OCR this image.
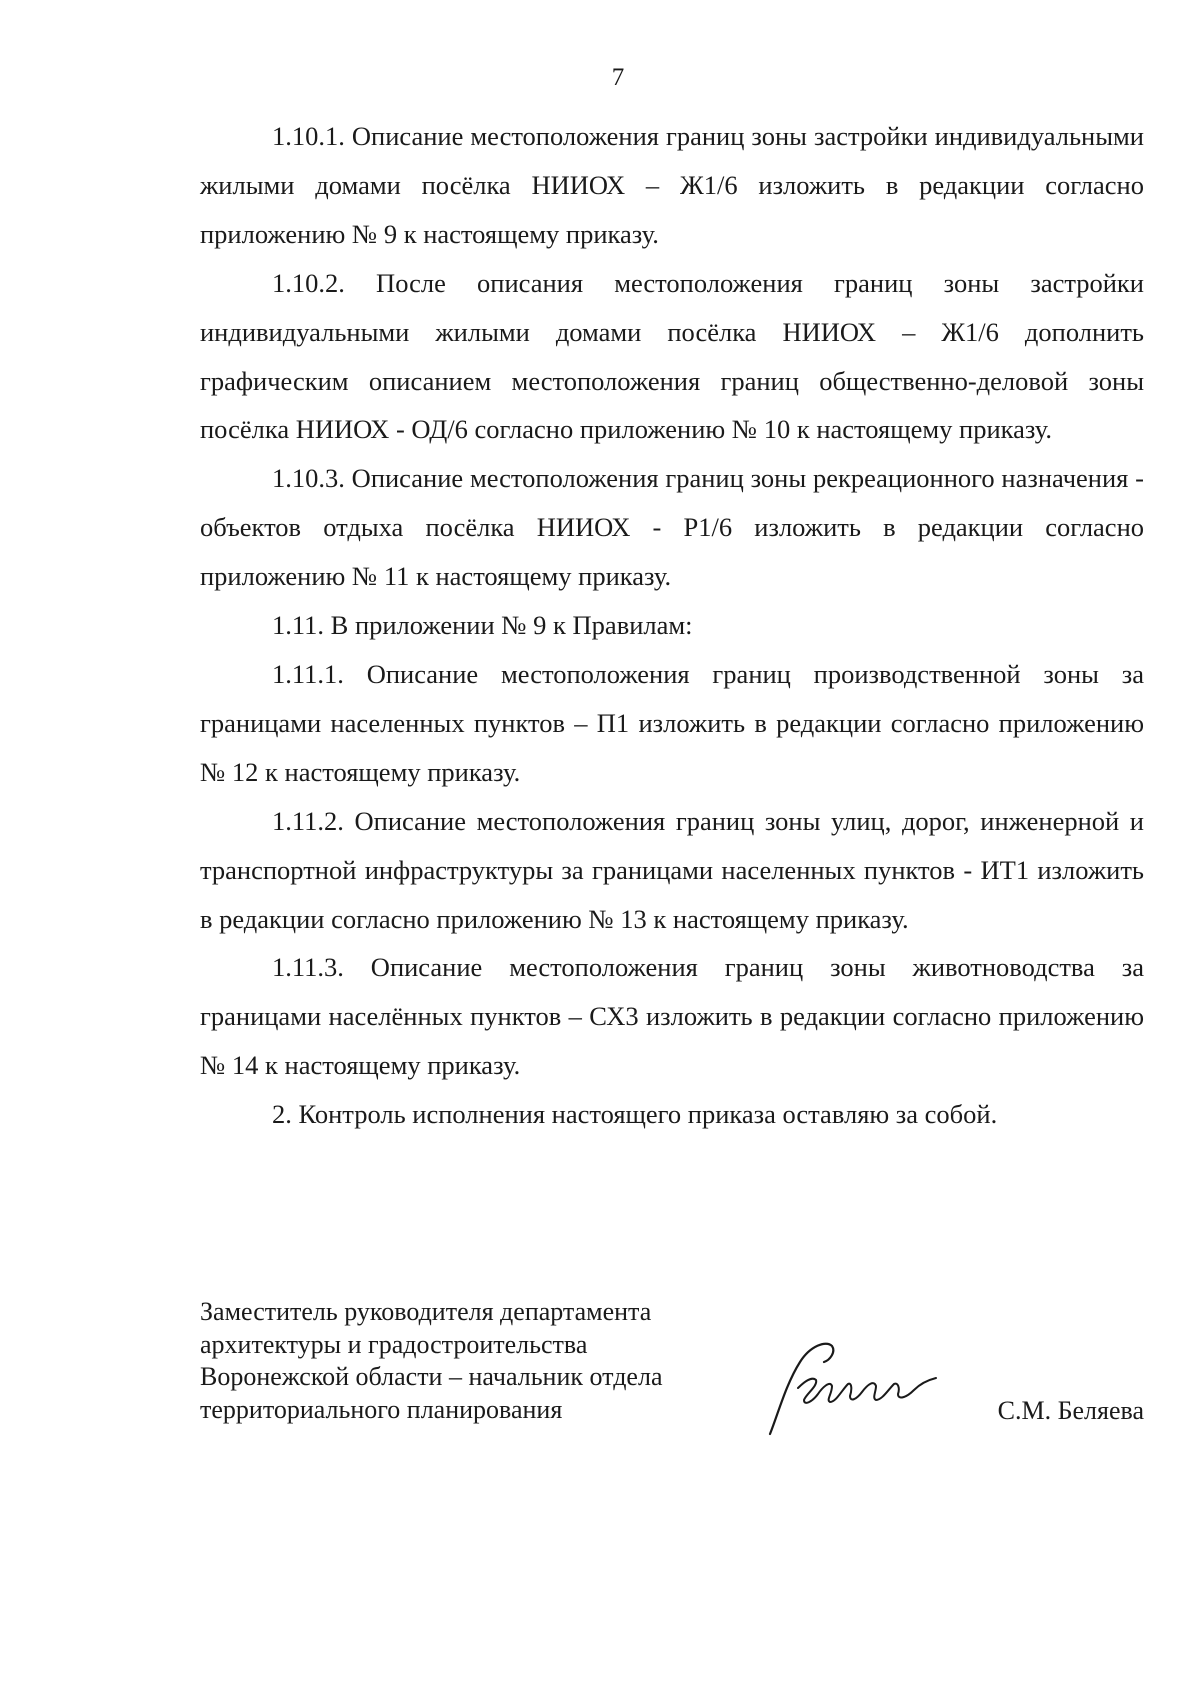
7

1.10.1. Описание местоположения границ зоны застройки индивидуальными жилыми домами посёлка НИИОХ – Ж1/6 изложить в редакции согласно приложению № 9 к настоящему приказу.

1.10.2. После описания местоположения границ зоны застройки индивидуальными жилыми домами посёлка НИИОХ – Ж1/6 дополнить графическим описанием местоположения границ общественно-деловой зоны посёлка НИИОХ - ОД/6 согласно приложению № 10 к настоящему приказу.

1.10.3. Описание местоположения границ зоны рекреационного назначения - объектов отдыха посёлка НИИОХ - Р1/6 изложить в редакции согласно приложению № 11 к настоящему приказу.

1.11. В приложении № 9 к Правилам:

1.11.1. Описание местоположения границ производственной зоны за границами населенных пунктов – П1 изложить в редакции согласно приложению № 12 к настоящему приказу.

1.11.2. Описание местоположения границ зоны улиц, дорог, инженерной и транспортной инфраструктуры за границами населенных пунктов - ИТ1 изложить в редакции согласно приложению № 13 к настоящему приказу.

1.11.3. Описание местоположения границ зоны животноводства за границами населённых пунктов – СХ3 изложить в редакции согласно приложению № 14 к настоящему приказу.

2. Контроль исполнения настоящего приказа оставляю за собой.

Заместитель руководителя департамента
архитектуры и градостроительства
Воронежской области – начальник отдела
территориального планирования	С.М. Беляева
